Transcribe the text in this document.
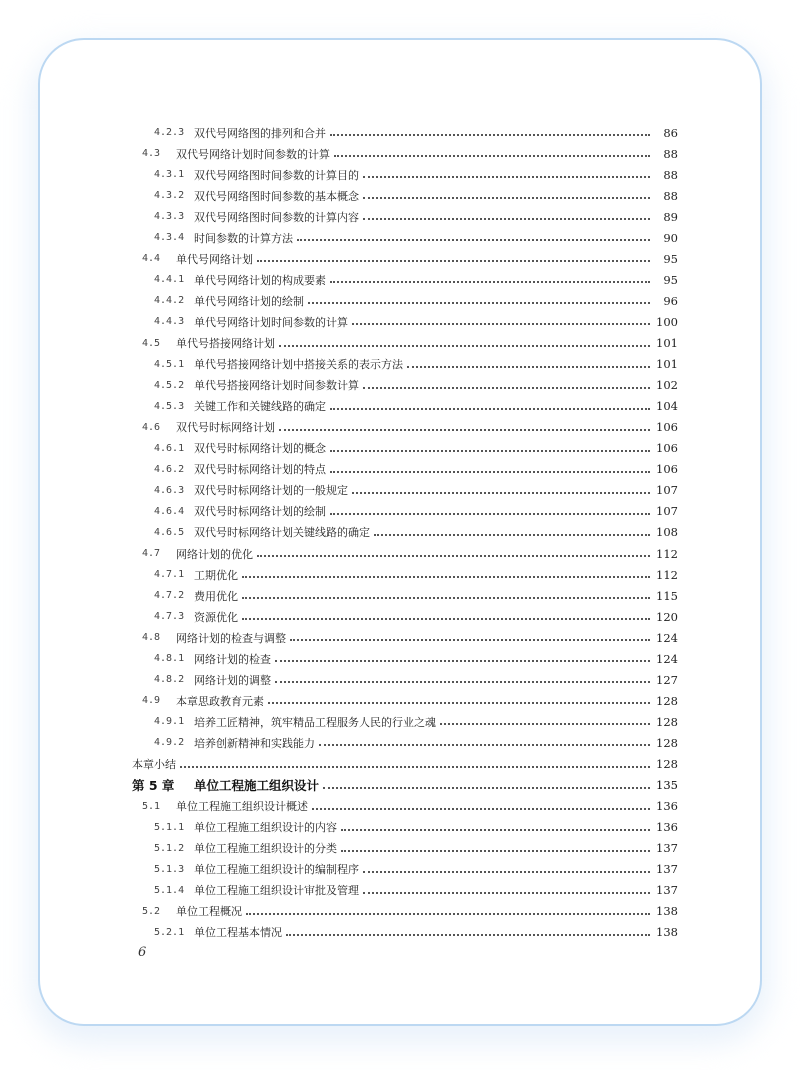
4.2.3 双代号网络图的排列和合并	86
4.3	双代号网络计划时间参数的计算	88
4.3.1 双代号网络图时间参数的计算目的	88
4.3.2 双代号网络图时间参数的基本概念	88
4.3.3 双代号网络图时间参数的计算内容	89
4.3.4 时间参数的计算方法	90
4.4	单代号网络计划	95
4.4.1 单代号网络计划的构成要素	95
4.4.2 单代号网络计划的绘制	96
4.4.3 单代号网络计划时间参数的计算	100
4.5	单代号搭接网络计划	101
4.5.1 单代号搭接网络计划中搭接关系的表示方法	101
4.5.2 单代号搭接网络计划时间参数计算	102
4.5.3 关键工作和关键线路的确定	104
4.6	双代号时标网络计划	106
4.6.1 双代号时标网络计划的概念	106
4.6.2 双代号时标网络计划的特点	106
4.6.3 双代号时标网络计划的一般规定	107
4.6.4 双代号时标网络计划的绘制	107
4.6.5 双代号时标网络计划关键线路的确定	108
4.7	网络计划的优化	112
4.7.1 工期优化	112
4.7.2 费用优化	115
4.7.3 资源优化	120
4.8	网络计划的检查与调整	124
4.8.1 网络计划的检查	124
4.8.2 网络计划的调整	127
4.9	本章思政教育元素	128
4.9.1 培养工匠精神，筑牢精品工程服务人民的行业之魂	128
4.9.2 培养创新精神和实践能力	128
本章小结	128
第 5 章	单位工程施工组织设计	135
5.1	单位工程施工组织设计概述	136
5.1.1 单位工程施工组织设计的内容	136
5.1.2 单位工程施工组织设计的分类	137
5.1.3 单位工程施工组织设计的编制程序	137
5.1.4 单位工程施工组织设计审批及管理	137
5.2	单位工程概况	138
5.2.1 单位工程基本情况	138
6
